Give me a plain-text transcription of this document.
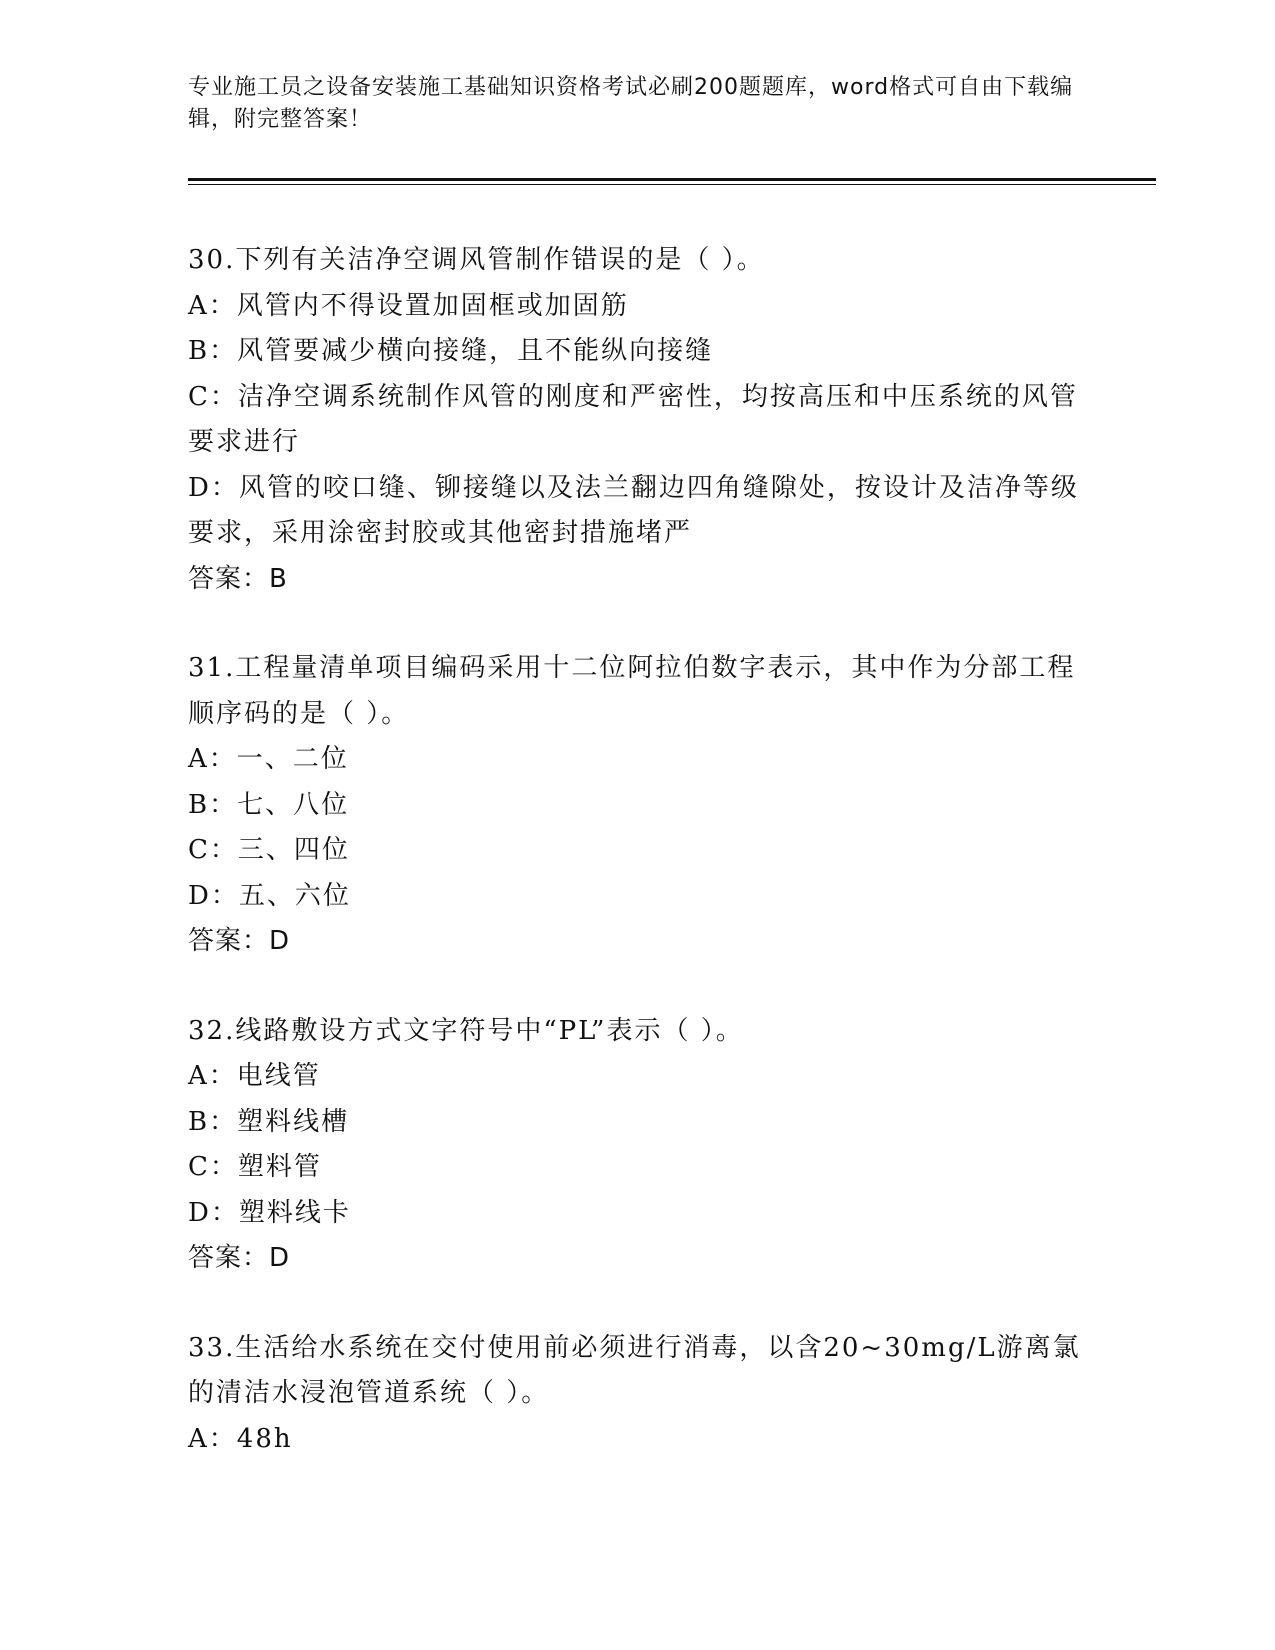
专业施工员之设备安装施工基础知识资格考试必刷200题题库，word格式可自由下载编辑，附完整答案！
30.下列有关洁净空调风管制作错误的是（ ）。
A：风管内不得设置加固框或加固筋
B：风管要减少横向接缝，且不能纵向接缝
C：洁净空调系统制作风管的刚度和严密性，均按高压和中压系统的风管要求进行
D：风管的咬口缝、铆接缝以及法兰翻边四角缝隙处，按设计及洁净等级要求，采用涂密封胶或其他密封措施堵严
答案：B
31.工程量清单项目编码采用十二位阿拉伯数字表示，其中作为分部工程顺序码的是（ ）。
A：一、二位
B：七、八位
C：三、四位
D：五、六位
答案：D
32.线路敷设方式文字符号中“PL”表示（ ）。
A：电线管
B：塑料线槽
C：塑料管
D：塑料线卡
答案：D
33.生活给水系统在交付使用前必须进行消毒，以含20~30mg/L游离氯的清洁水浸泡管道系统（ ）。
A：48h
